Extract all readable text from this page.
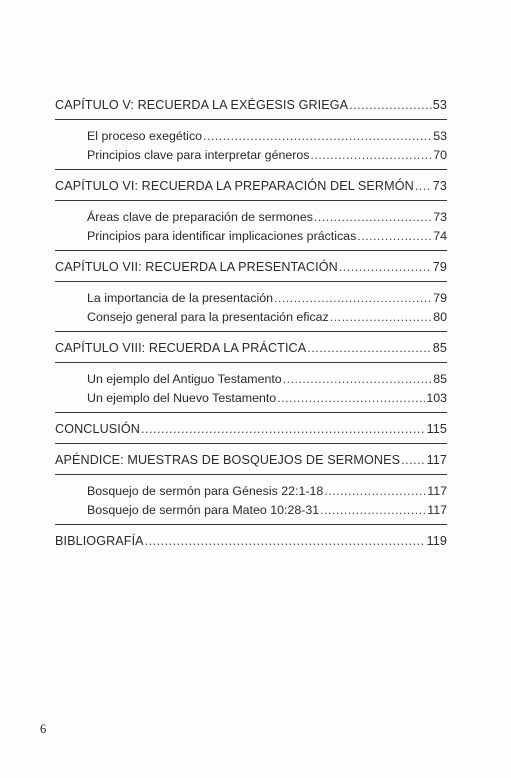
CAPÍTULO V: RECUERDA LA EXÉGESIS GRIEGA .....	53
El proceso exegético .....	53
Principios clave para interpretar géneros .....	70
CAPÍTULO VI: RECUERDA LA PREPARACIÓN DEL SERMÓN ..... 73
Áreas clave de preparación de sermones .....	73
Principios para identificar implicaciones prácticas .....	74
CAPÍTULO VII: RECUERDA LA PRESENTACIÓN .....	79
La importancia de la presentación .....	79
Consejo general para la presentación eficaz .....	80
CAPÍTULO VIII: RECUERDA LA PRÁCTICA .....	85
Un ejemplo del Antiguo Testamento .....	85
Un ejemplo del Nuevo Testamento .....	103
CONCLUSIÓN .....	115
APÉNDICE: MUESTRAS DE BOSQUEJOS DE SERMONES ..... 117
Bosquejo de sermón para Génesis 22:1-18 .....	117
Bosquejo de sermón para Mateo 10:28-31 .....	117
BIBLIOGRAFÍA .....	119
6
